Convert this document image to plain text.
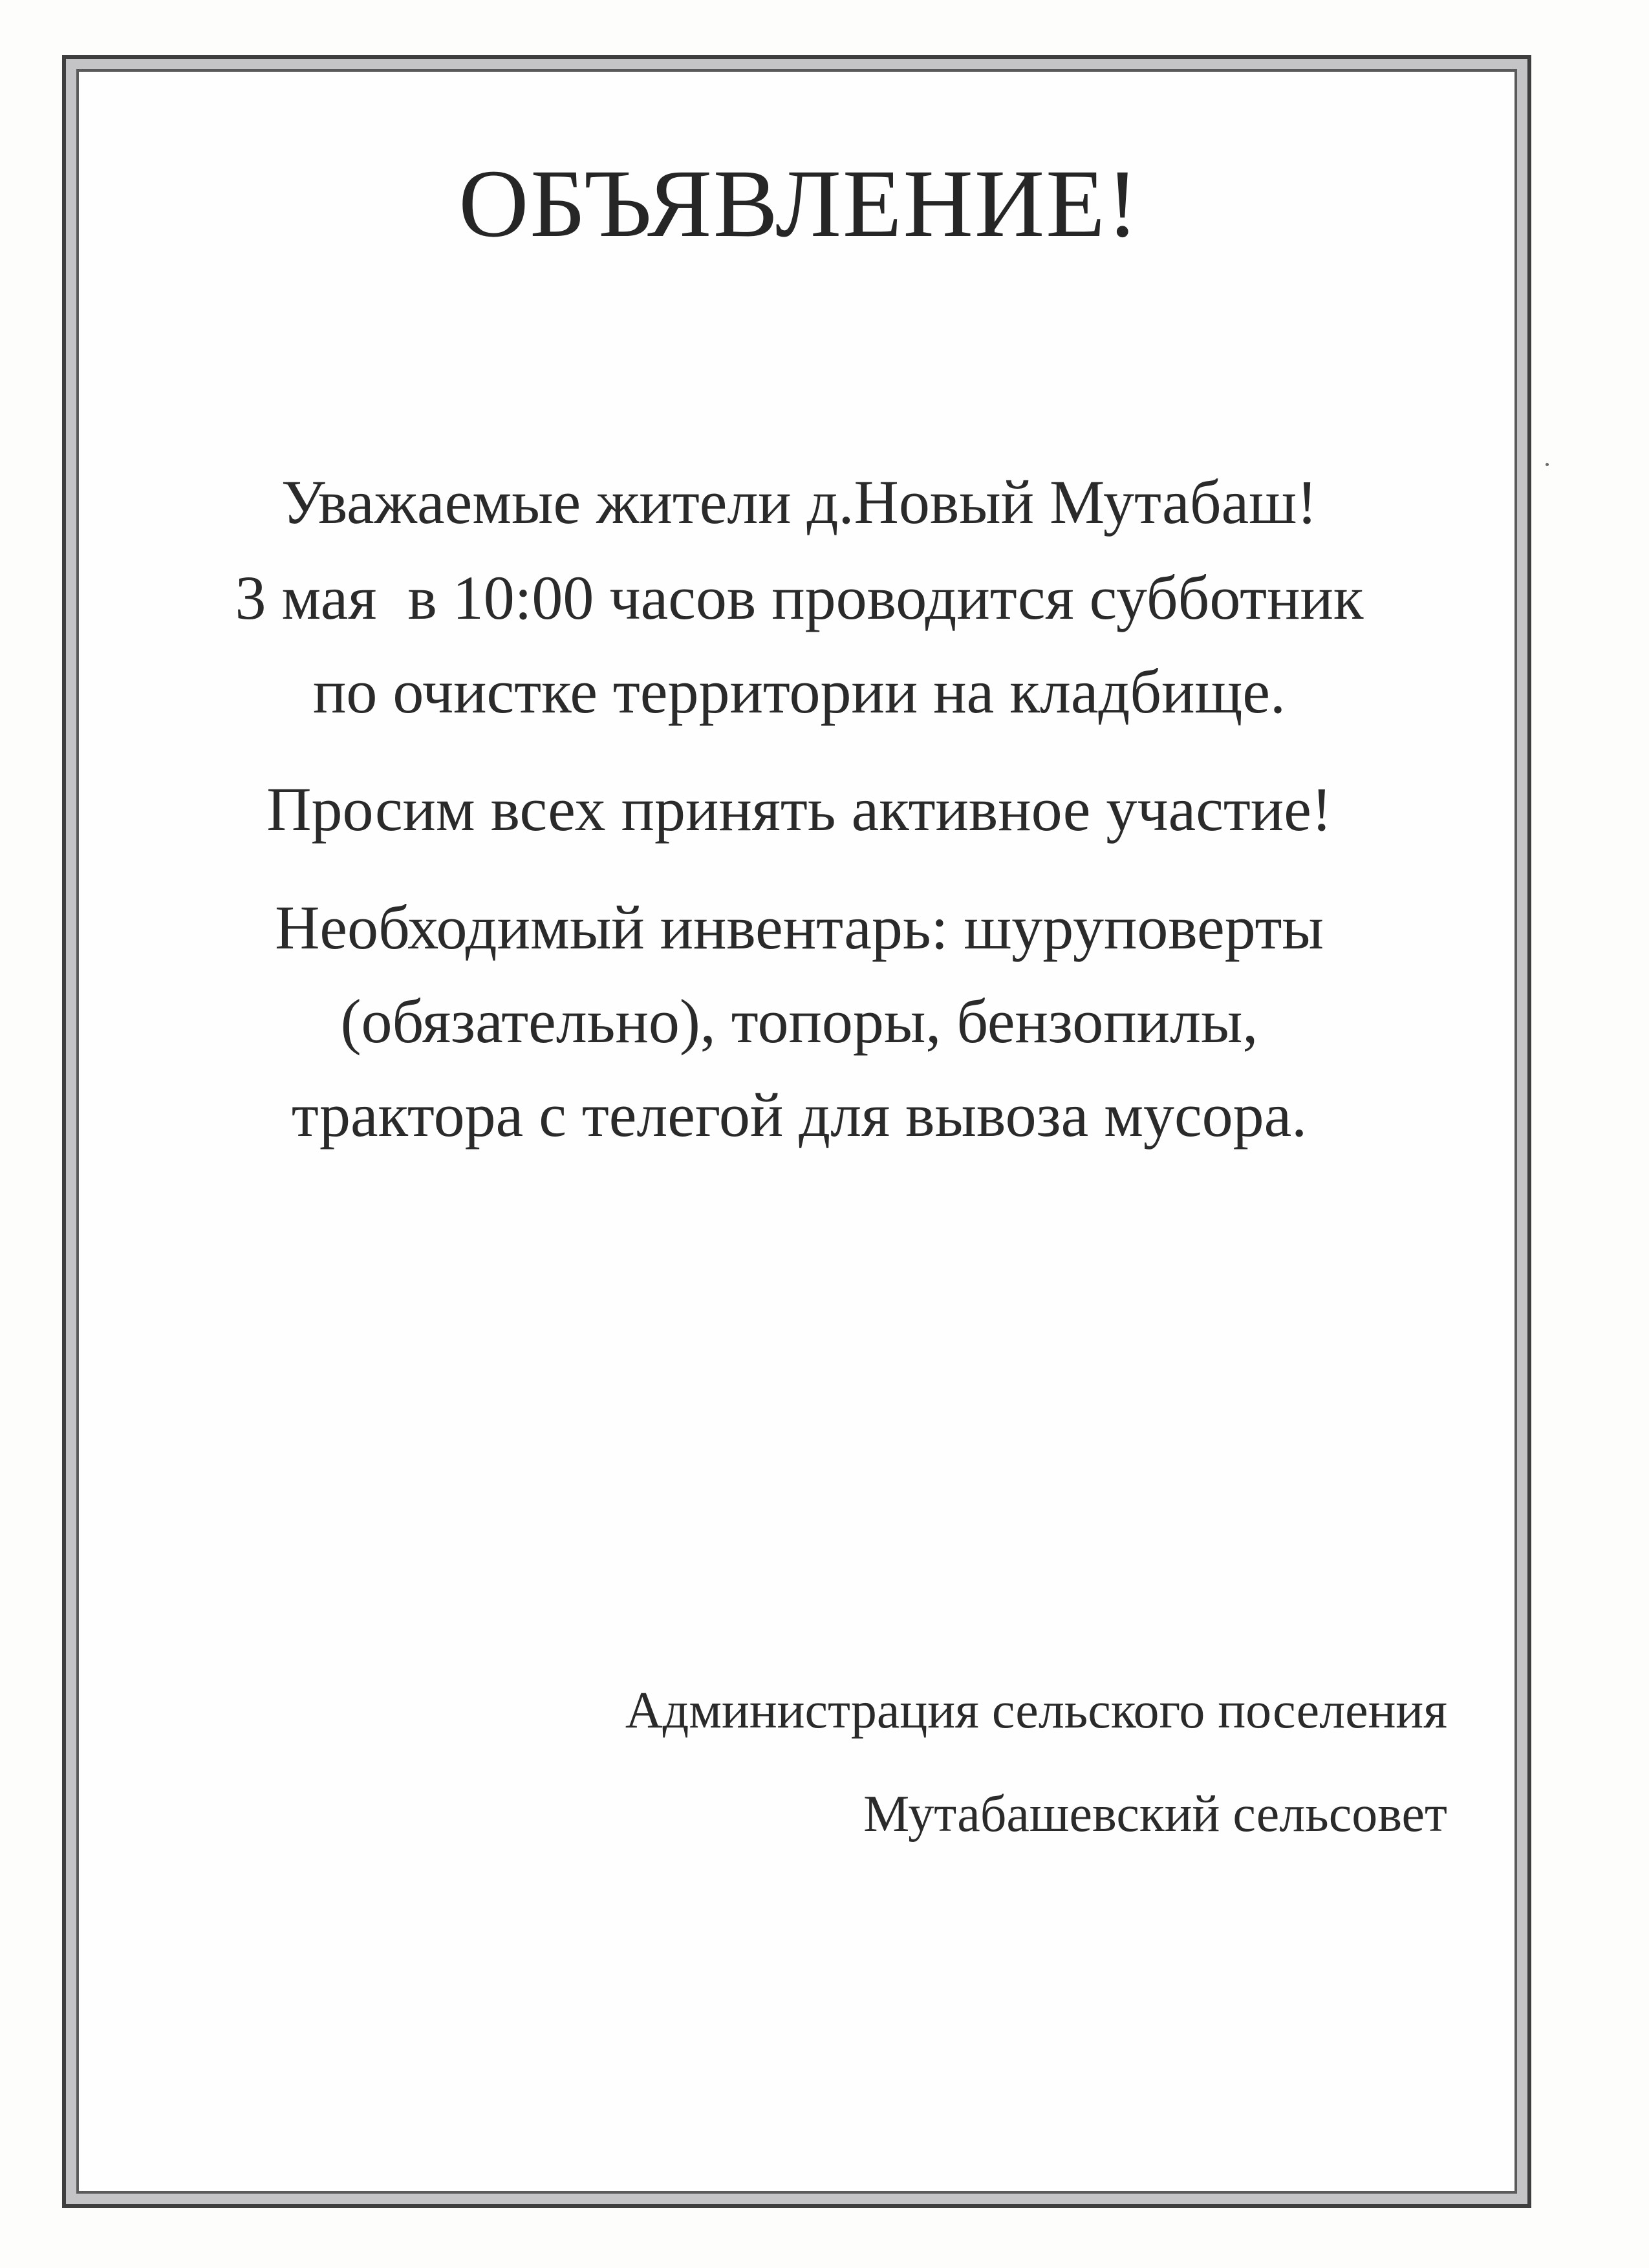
ОБЪЯВЛЕНИЕ!
Уважаемые жители д.Новый Мутабаш!
3 мая  в 10:00 часов проводится субботник
по очистке территории на кладбище.
Просим всех принять активное участие!
Необходимый инвентарь: шуруповерты
(обязательно), топоры, бензопилы,
трактора с телегой для вывоза мусора.
Администрация сельского поселения
Мутабашевский сельсовет
